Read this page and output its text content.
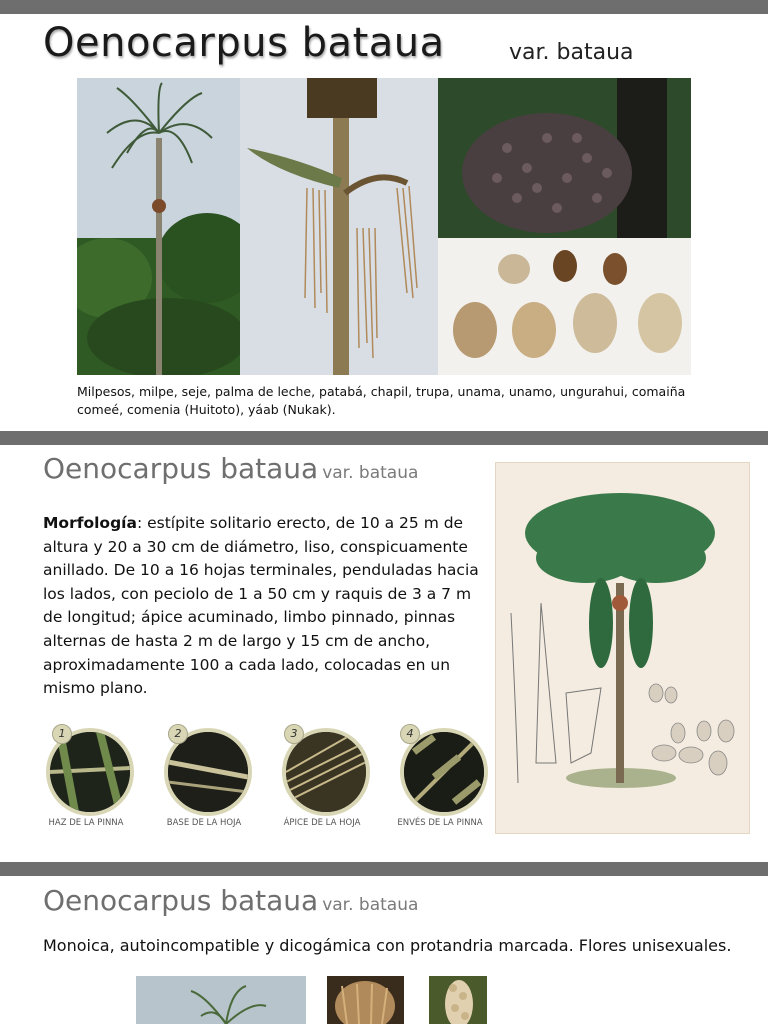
Oenocarpus bataua	var. bataua
Milpesos, milpe, seje, palma de leche, patabá, chapil, trupa, unama, unamo, ungurahui, comaiña comeé, comenia (Huitoto), yáab (Nukak).
Oenocarpus bataua var. bataua
Morfología: estípite solitario erecto, de 10 a 25 m de altura y 20 a 30 cm de diámetro, liso, conspicuamente anillado. De 10 a 16 hojas terminales, penduladas hacia los lados, con peciolo de 1 a 50 cm y raquis de 3 a 7 m de longitud; ápice acuminado, limbo pinnado, pinnas alternas de hasta 2 m de largo y 15 cm de ancho, aproximadamente 100 a cada lado, colocadas en un mismo plano.
1
HAZ DE LA PINNA
2
BASE DE LA HOJA
3
ÁPICE DE LA HOJA
4
ENVÉS DE LA PINNA
Oenocarpus bataua var. bataua
Monoica, autoincompatible y dicogámica con protandria marcada. Flores unisexuales.
